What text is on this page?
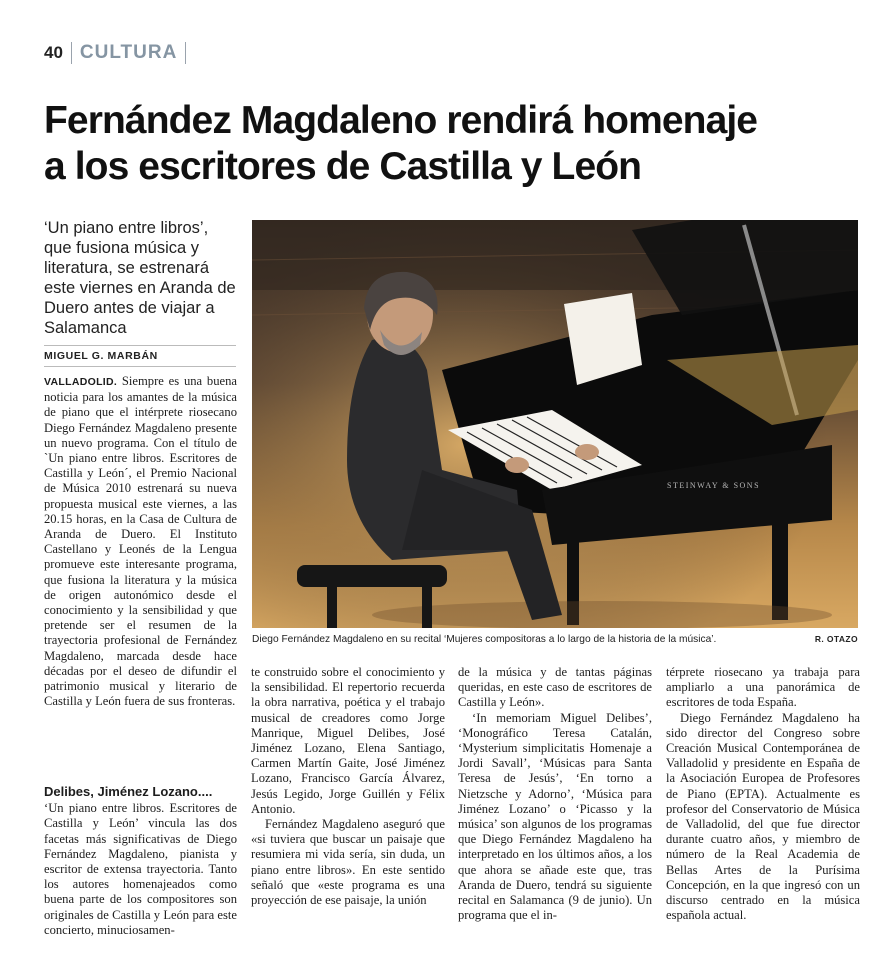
40 CULTURA
Fernández Magdaleno rendirá homenaje
a los escritores de Castilla y León
‘Un piano entre libros’, que fusiona música y literatura, se estrenará este viernes en Aranda de Duero antes de viajar a Salamanca
MIGUEL G. MARBÁN

VALLADOLID. Siempre es una buena noticia para los amantes de la música de piano que el intérprete riosecano Diego Fernández Magdaleno presente un nuevo programa. Con el título de `Un piano entre libros. Escritores de Castilla y León´, el Premio Nacional de Música 2010 estrenará su nueva propuesta musical este viernes, a las 20.15 horas, en la Casa de Cultura de Aranda de Duero. El Instituto Castellano y Leonés de la Lengua promueve este interesante programa, que fusiona la literatura y la música de origen autonómico desde el conocimiento y la sensibilidad y que pretende ser el resumen de la trayectoria profesional de Fernández Magdaleno, marcada desde hace décadas por el deseo de difundir el patrimonio musical y literario de Castilla y León fuera de sus fronteras.

Delibes, Jiménez Lozano....

‘Un piano entre libros. Escritores de Castilla y León’ vincula las dos facetas más significativas de Diego Fernández Magdaleno, pianista y escritor de extensa trayectoria. Tanto los autores homenajeados como buena parte de los compositores son originales de Castilla y León para este concierto, minuciosamen-

STEINWAY & SONS
Diego Fernández Magdaleno en su recital ‘Mujeres compositoras a lo largo de la historia de la música’.	R. OTAZO

te construido sobre el conocimiento y la sensibilidad. El repertorio recuerda la obra narrativa, poética y el trabajo musical de creadores como Jorge Manrique, Miguel Delibes, José Jiménez Lozano, Elena Santiago, Carmen Martín Gaite, José Jiménez Lozano, Francisco García Álvarez, Jesús Legido, Jorge Guillén y Félix Antonio.

Fernández Magdaleno aseguró que «si tuviera que buscar un paisaje que resumiera mi vida sería, sin duda, un piano entre libros». En este sentido señaló que «este programa es una proyección de ese paisaje, la unión

de la música y de tantas páginas queridas, en este caso de escritores de Castilla y León».

‘In memoriam Miguel Delibes’, ‘Monográfico Teresa Catalán, ‘Mysterium simplicitatis Homenaje a Jordi Savall’, ‘Músicas para Santa Teresa de Jesús’, ‘En torno a Nietzsche y Adorno’, ‘Música para Jiménez Lozano’ o ‘Picasso y la música’ son algunos de los programas que Diego Fernández Magdaleno ha interpretado en los últimos años, a los que ahora se añade este que, tras Aranda de Duero, tendrá su siguiente recital en Salamanca (9 de junio). Un programa que el in-

térprete riosecano ya trabaja para ampliarlo a una panorámica de escritores de toda España.

Diego Fernández Magdaleno ha sido director del Congreso sobre Creación Musical Contemporánea de Valladolid y presidente en España de la Asociación Europea de Profesores de Piano (EPTA). Actualmente es profesor del Conservatorio de Música de Valladolid, del que fue director durante cuatro años, y miembro de número de la Real Academia de Bellas Artes de la Purísima Concepción, en la que ingresó con un discurso centrado en la música española actual.
